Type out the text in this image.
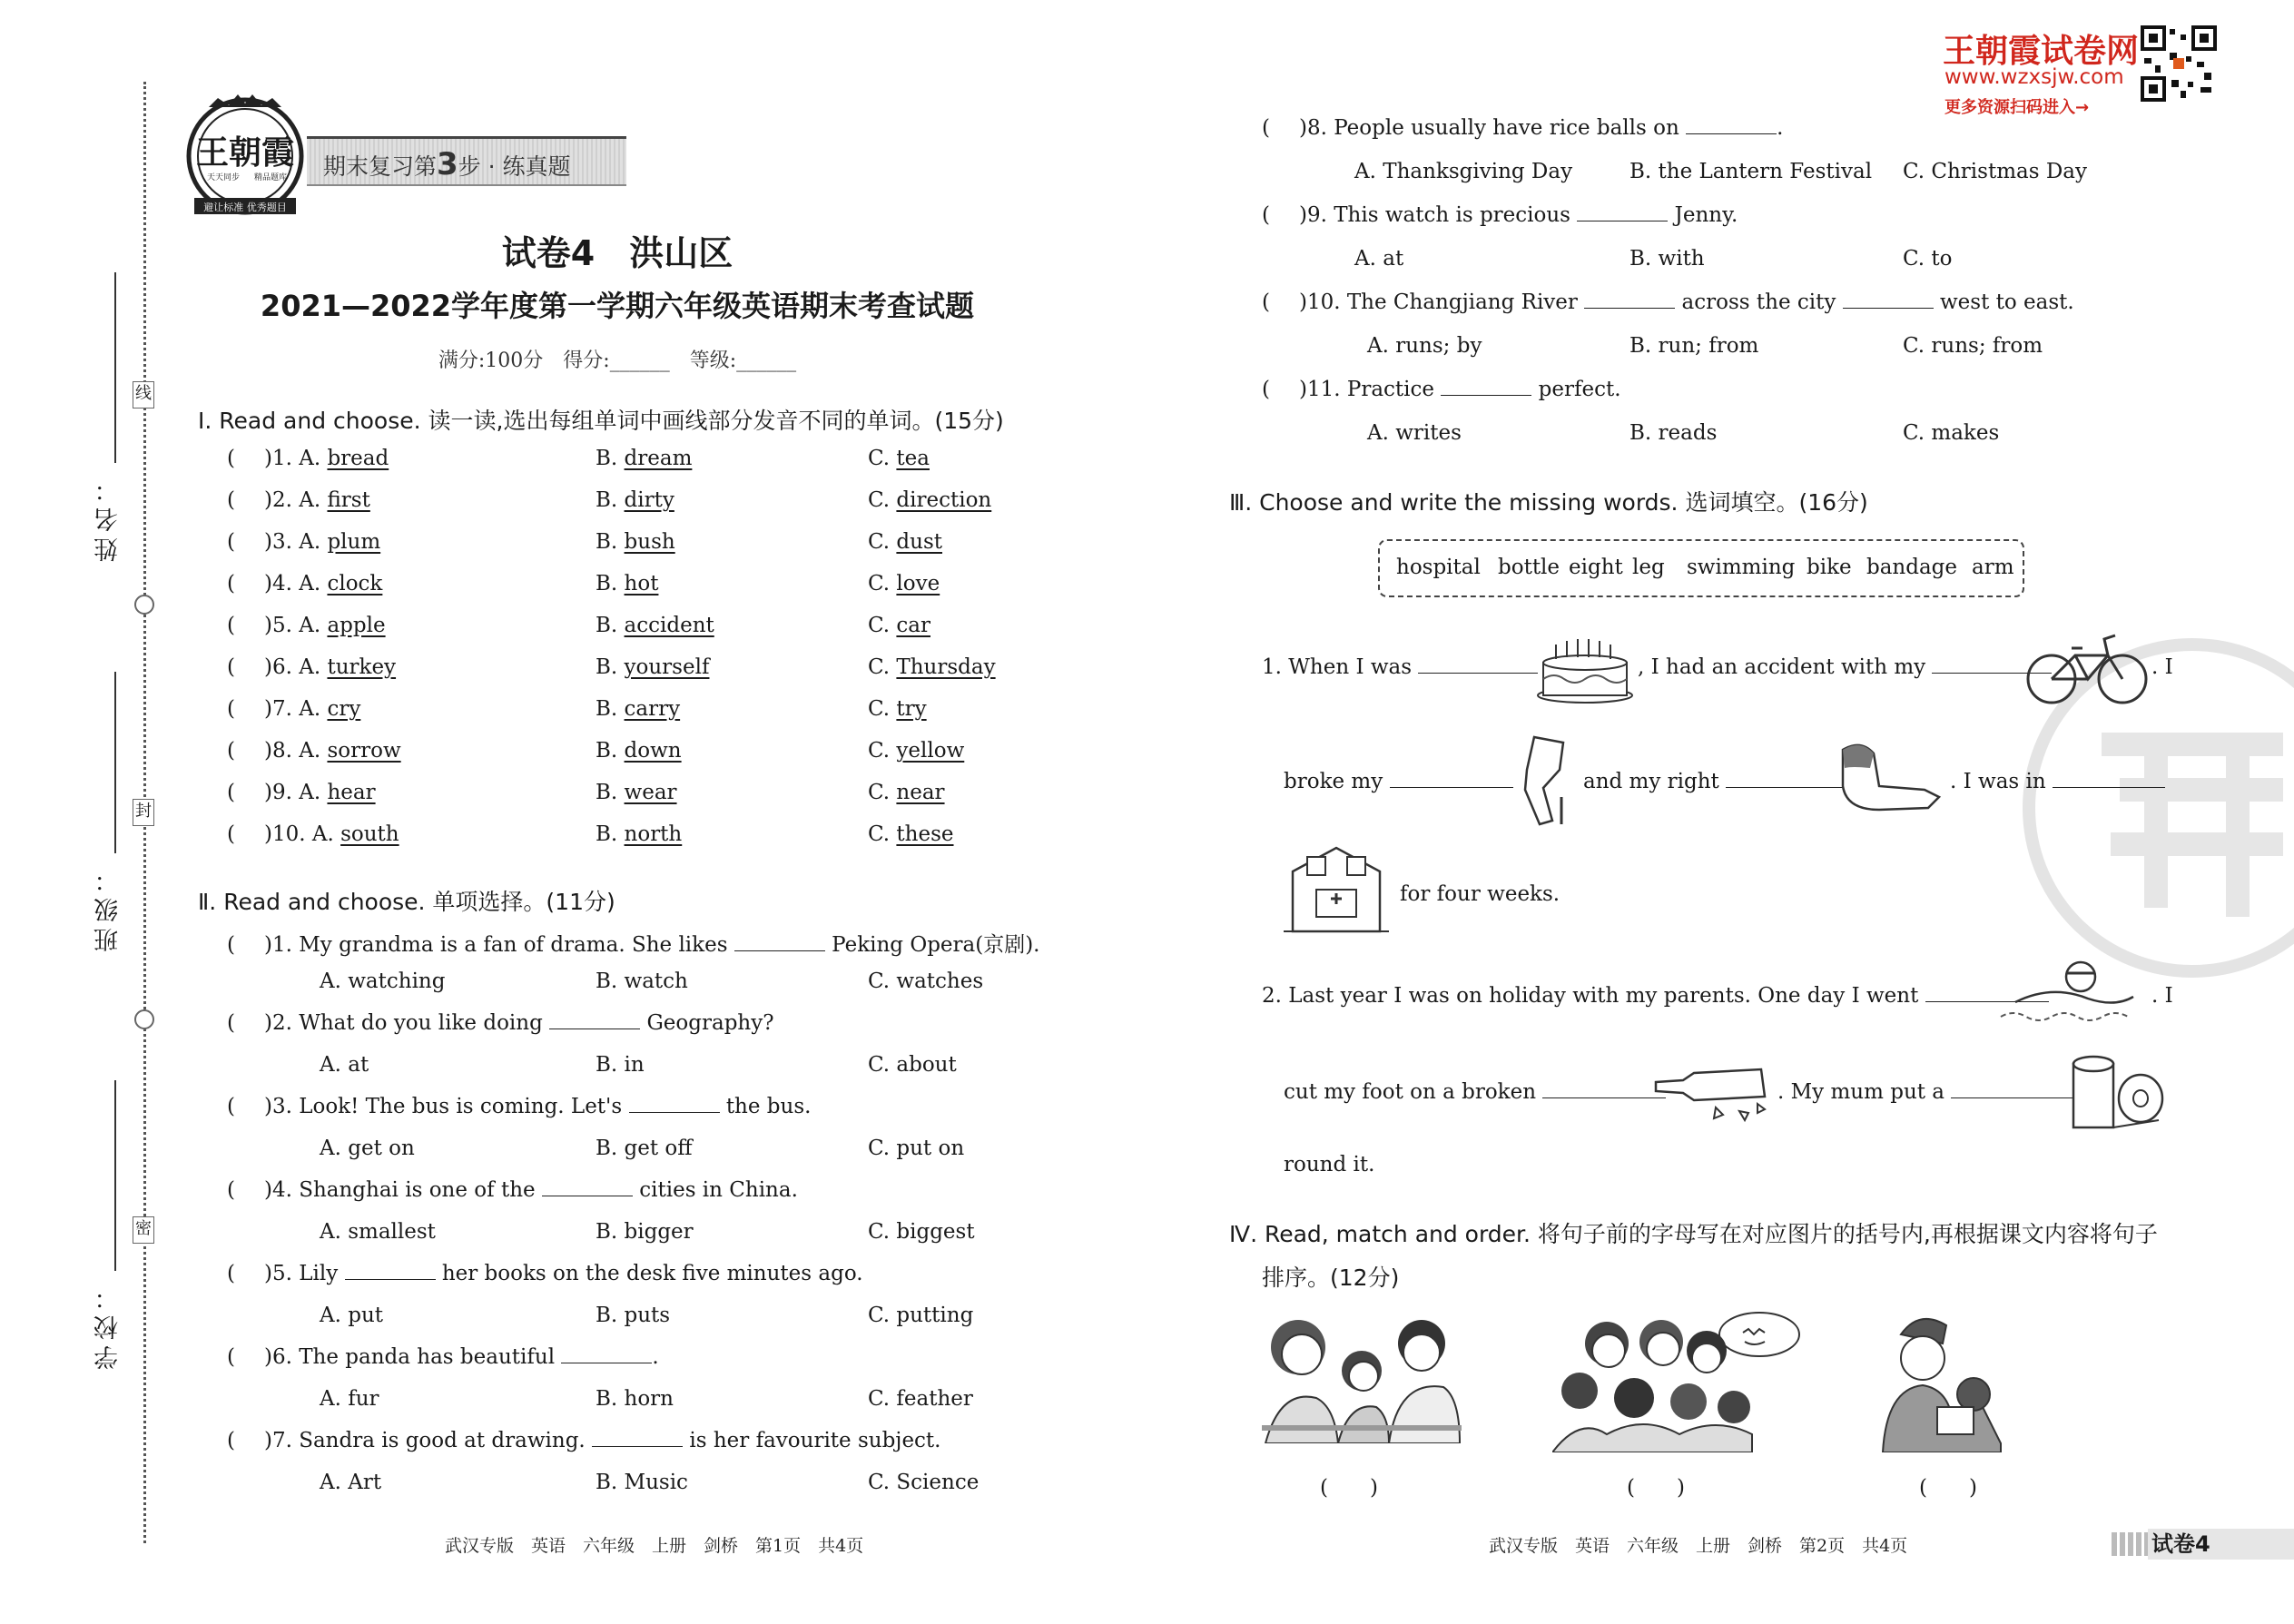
姓名：
班级：
学校：
线
封
密
王朝霞
天天同步 精品题库
避让标准 优秀题目
期末复习第3步 · 练真题
试卷4　洪山区
2021—2022学年度第一学期六年级英语期末考查试题
满分:100分　得分:______　等级:______
Ⅰ. Read and choose. 读一读,选出每组单词中画线部分发音不同的单词。(15分)
( )1. A. bread	B. dream	C. tea
( )2. A. first	B. dirty	C. direction
( )3. A. plum	B. bush	C. dust
( )4. A. clock	B. hot	C. love
( )5. A. apple	B. accident	C. car
( )6. A. turkey	B. yourself	C. Thursday
( )7. A. cry	B. carry	C. try
( )8. A. sorrow	B. down	C. yellow
( )9. A. hear	B. wear	C. near
( )10. A. south	B. north	C. these
Ⅱ. Read and choose. 单项选择。(11分)
( )1. My grandma is a fan of drama. She likes	Peking Opera(京剧).
A. watching	B. watch	C. watches
( )2. What do you like doing	Geography?
A. at	B. in	C. about
( )3. Look! The bus is coming. Let's	the bus.
A. get on	B. get off	C. put on
( )4. Shanghai is one of the	cities in China.
A. smallest	B. bigger	C. biggest
( )5. Lily	her books on the desk five minutes ago.
A. put	B. puts	C. putting
( )6. The panda has beautiful	.
A. fur	B. horn	C. feather
( )7. Sandra is good at drawing.	is her favourite subject.
A. Art	B. Music	C. Science
武汉专版　英语　六年级　上册　剑桥　第1页　共4页
王朝霞试卷网
www.wzxsjw.com
更多资源扫码进入→
( )8. People usually have rice balls on	.
A. Thanksgiving Day	B. the Lantern Festival C. Christmas Day
( )9. This watch is precious	Jenny.
A. at	B. with	C. to
( )10. The Changjiang River	across the city	west to east.
A. runs; by	B. run; from	C. runs; from
( )11. Practice	perfect.
A. writes	B. reads	C. makes
Ⅲ. Choose and write the missing words. 选词填空。(16分)
hospital bottle eight leg swimming bike bandage arm
1. When I was	, I had an accident with my	. I
broke my	and my right	. I was in
for four weeks.
2. Last year I was on holiday with my parents. One day I went	. I
cut my foot on a broken	. My mum put a
round it.
Ⅳ. Read, match and order. 将句子前的字母写在对应图片的括号内,再根据课文内容将句子
排序。(12分)
(　　)	(　　)	(　　)
武汉专版　英语　六年级　上册　剑桥　第2页　共4页	试卷4
